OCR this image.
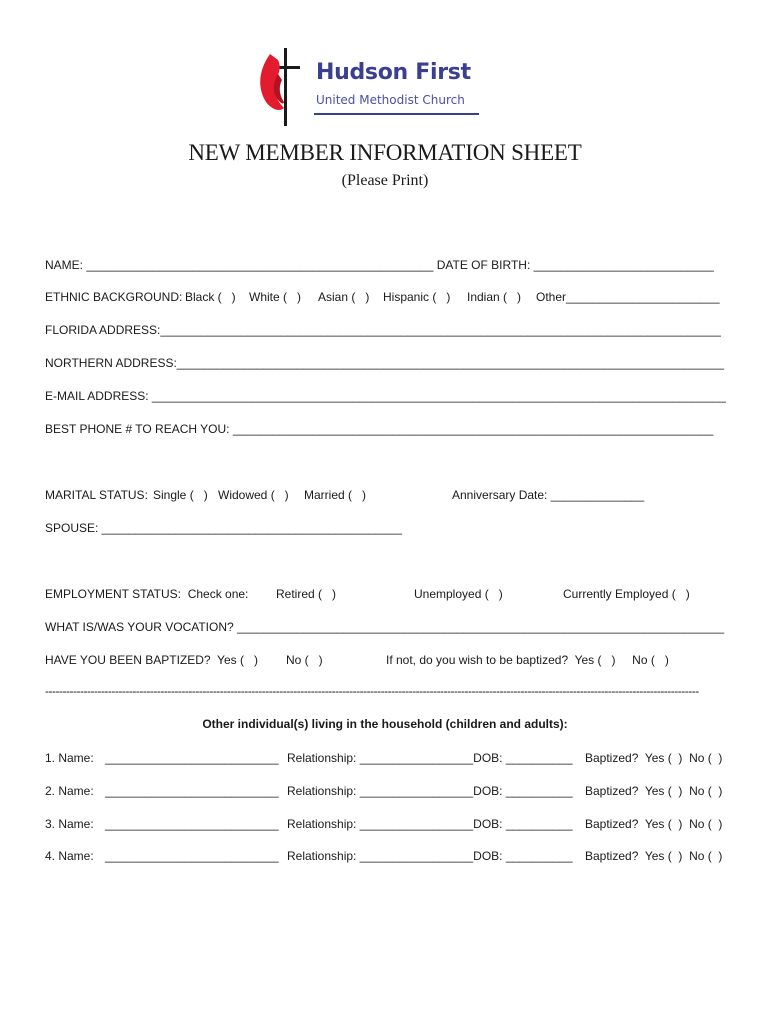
Hudson First
United Methodist Church
NEW MEMBER INFORMATION SHEET
(Please Print)
NAME: ____________________________________________________ DATE OF BIRTH: ___________________________
ETHNIC BACKGROUND: Black (   ) White (   ) Asian (   ) Hispanic (   ) Indian (   ) Other_______________________
FLORIDA ADDRESS:____________________________________________________________________________________
NORTHERN ADDRESS:__________________________________________________________________________________
E-MAIL ADDRESS: ______________________________________________________________________________________
BEST PHONE # TO REACH YOU: ________________________________________________________________________
MARITAL STATUS: Single (   ) Widowed (   ) Married (   )	Anniversary Date: ______________
SPOUSE: _____________________________________________
EMPLOYMENT STATUS:  Check one: Retired (   )	Unemployed (   )	Currently Employed (   )
WHAT IS/WAS YOUR VOCATION? _________________________________________________________________________
HAVE YOU BEEN BAPTIZED?  Yes (   ) No (   )	If not, do you wish to be baptized?  Yes (   )     No (   )
-------------------------------------------------------------------------------------------------------------------------------------------------------------------------------------------
Other individual(s) living in the household (children and adults):
1. Name: __________________________ Relationship: _________________DOB: __________ Baptized?  Yes (  )  No (  )
2. Name: __________________________ Relationship: _________________DOB: __________ Baptized?  Yes (  )  No (  )
3. Name: __________________________ Relationship: _________________DOB: __________ Baptized?  Yes (  )  No (  )
4. Name: __________________________ Relationship: _________________DOB: __________ Baptized?  Yes (  )  No (  )
